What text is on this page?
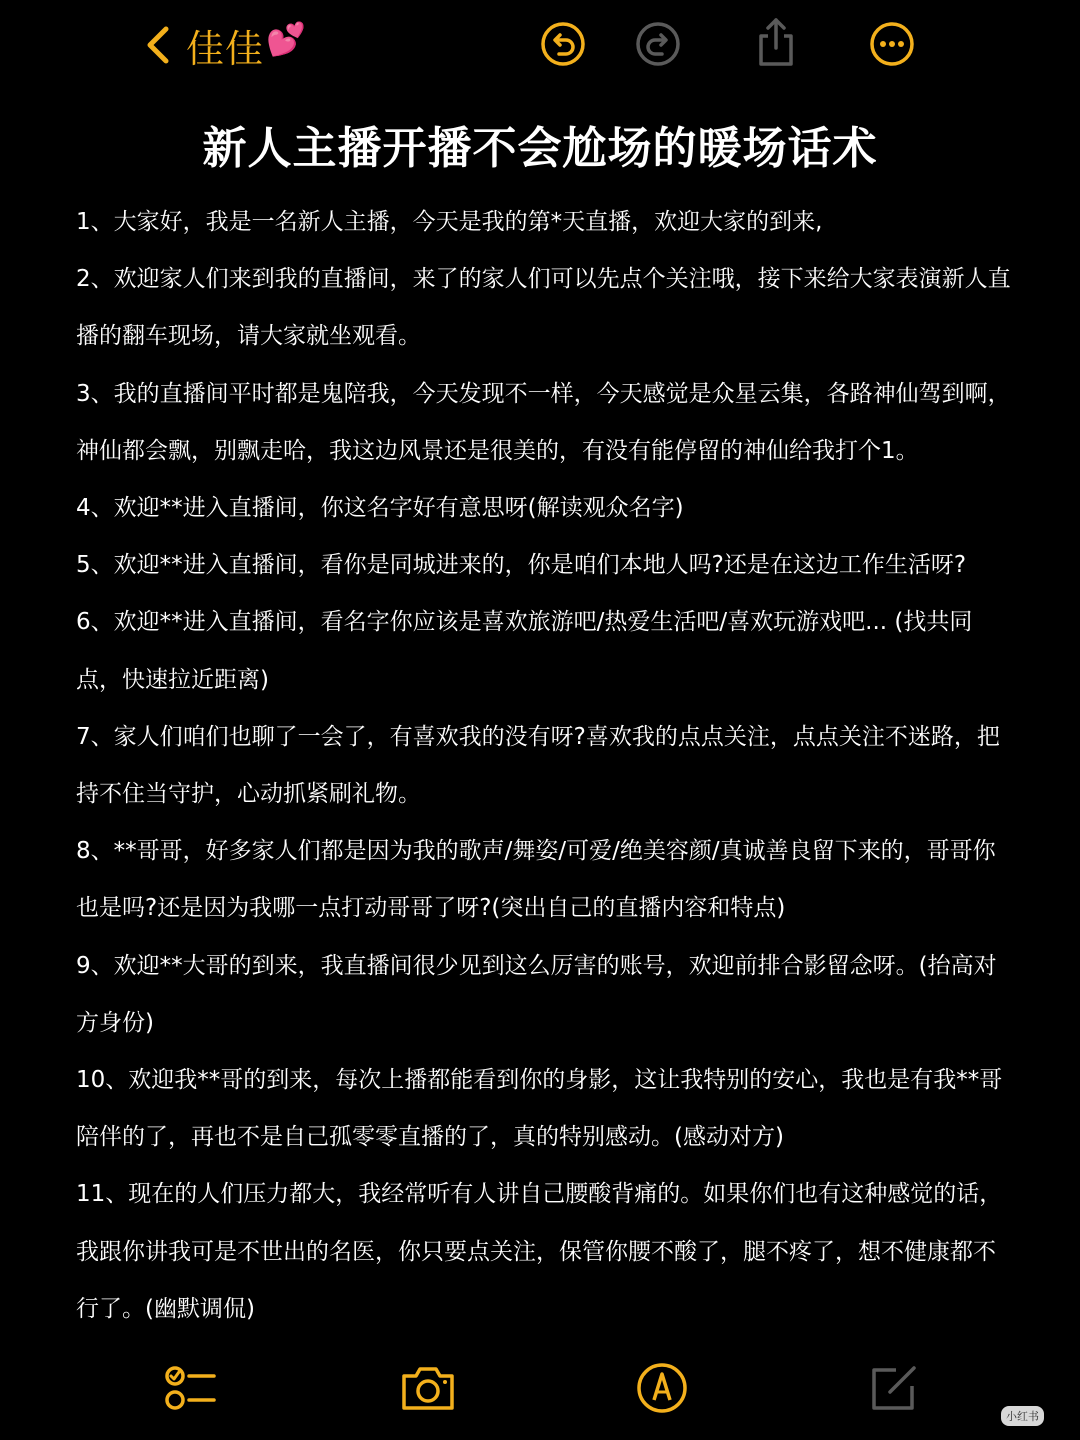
佳佳 💕
新人主播开播不会尬场的暖场话术

1、大家好，我是一名新人主播，今天是我的第*天直播，欢迎大家的到来,

2、欢迎家人们来到我的直播间，来了的家人们可以先点个关注哦，接下来给大家表演新人直播的翻车现场，请大家就坐观看。

3、我的直播间平时都是鬼陪我，今天发现不一样，今天感觉是众星云集，各路神仙驾到啊，神仙都会飘，别飘走哈，我这边风景还是很美的，有没有能停留的神仙给我打个1。

4、欢迎**进入直播间，你这名字好有意思呀(解读观众名字)

5、欢迎**进入直播间，看你是同城进来的，你是咱们本地人吗?还是在这边工作生活呀?

6、欢迎**进入直播间，看名字你应该是喜欢旅游吧/热爱生活吧/喜欢玩游戏吧... (找共同点，快速拉近距离)

7、家人们咱们也聊了一会了，有喜欢我的没有呀?喜欢我的点点关注，点点关注不迷路，把持不住当守护，心动抓紧刷礼物。

8、**哥哥，好多家人们都是因为我的歌声/舞姿/可爱/绝美容颜/真诚善良留下来的，哥哥你也是吗?还是因为我哪一点打动哥哥了呀?(突出自己的直播内容和特点)

9、欢迎**大哥的到来，我直播间很少见到这么厉害的账号，欢迎前排合影留念呀。(抬高对方身份)

10、欢迎我**哥的到来，每次上播都能看到你的身影，这让我特别的安心，我也是有我**哥陪伴的了，再也不是自己孤零零直播的了，真的特别感动。(感动对方)

11、现在的人们压力都大，我经常听有人讲自己腰酸背痛的。如果你们也有这种感觉的话，我跟你讲我可是不世出的名医，你只要点关注，保管你腰不酸了，腿不疼了，想不健康都不行了。(幽默调侃)

小红书
